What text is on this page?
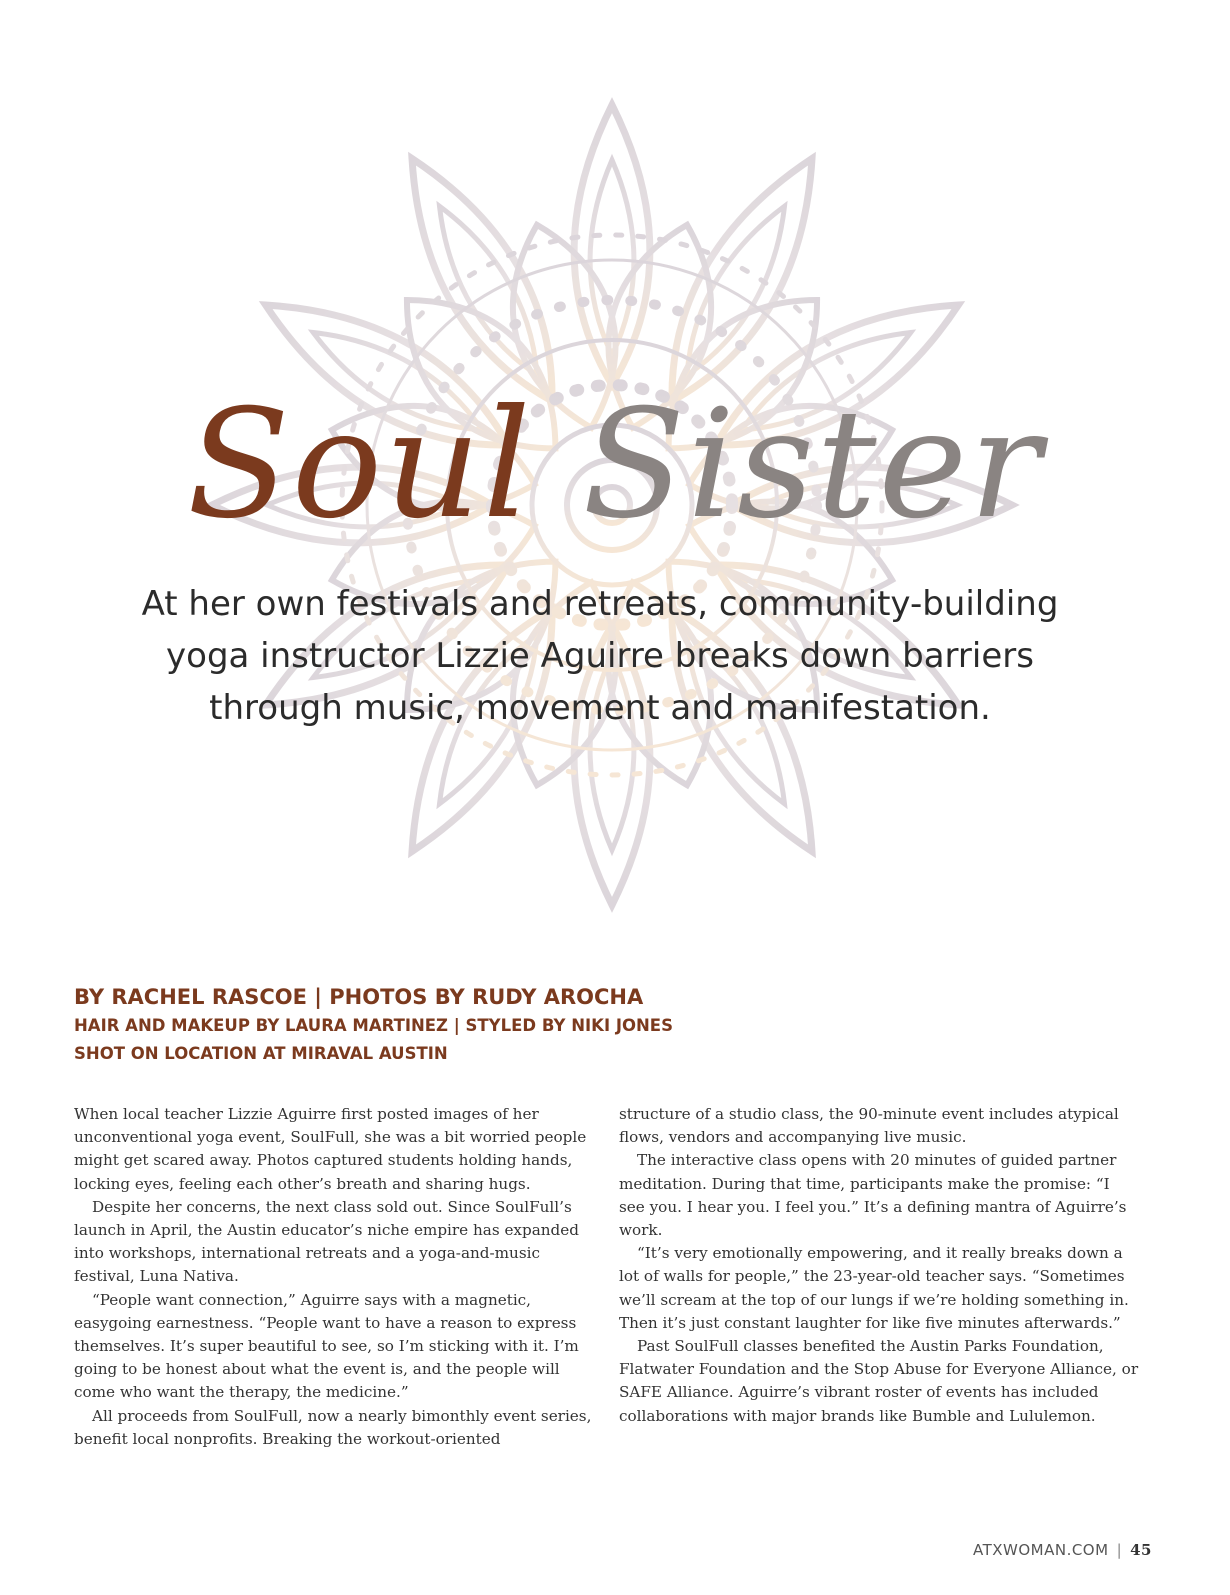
Soul Sister
At her own festivals and retreats, community-building
yoga instructor Lizzie Aguirre breaks down barriers
through music, movement and manifestation.
BY RACHEL RASCOE | PHOTOS BY RUDY AROCHA
HAIR AND MAKEUP BY LAURA MARTINEZ | STYLED BY NIKI JONES
SHOT ON LOCATION AT MIRAVAL AUSTIN

When local teacher Lizzie Aguirre first posted images of her unconventional yoga event, SoulFull, she was a bit worried people might get scared away. Photos captured students holding hands, locking eyes, feeling each other’s breath and sharing hugs.

Despite her concerns, the next class sold out. Since SoulFull’s launch in April, the Austin educator’s niche empire has expanded into workshops, international retreats and a yoga-and-music festival, Luna Nativa.

“People want connection,” Aguirre says with a magnetic, easygoing earnestness. “People want to have a reason to express themselves. It’s super beautiful to see, so I’m sticking with it. I’m going to be honest about what the event is, and the people will come who want the therapy, the medicine.”

All proceeds from SoulFull, now a nearly bimonthly event series, benefit local nonprofits. Breaking the workout-oriented

structure of a studio class, the 90-minute event includes atypical flows, vendors and accompanying live music.

The interactive class opens with 20 minutes of guided partner meditation. During that time, participants make the promise: “I see you. I hear you. I feel you.” It’s a defining mantra of Aguirre’s work.

“It’s very emotionally empowering, and it really breaks down a lot of walls for people,” the 23-year-old teacher says. “Sometimes we’ll scream at the top of our lungs if we’re holding something in. Then it’s just constant laughter for like five minutes afterwards.”

Past SoulFull classes benefited the Austin Parks Foundation, Flatwater Foundation and the Stop Abuse for Everyone Alliance, or SAFE Alliance. Aguirre’s vibrant roster of events has included collaborations with major brands like Bumble and Lululemon.

ATXWOMAN.COM | 45
